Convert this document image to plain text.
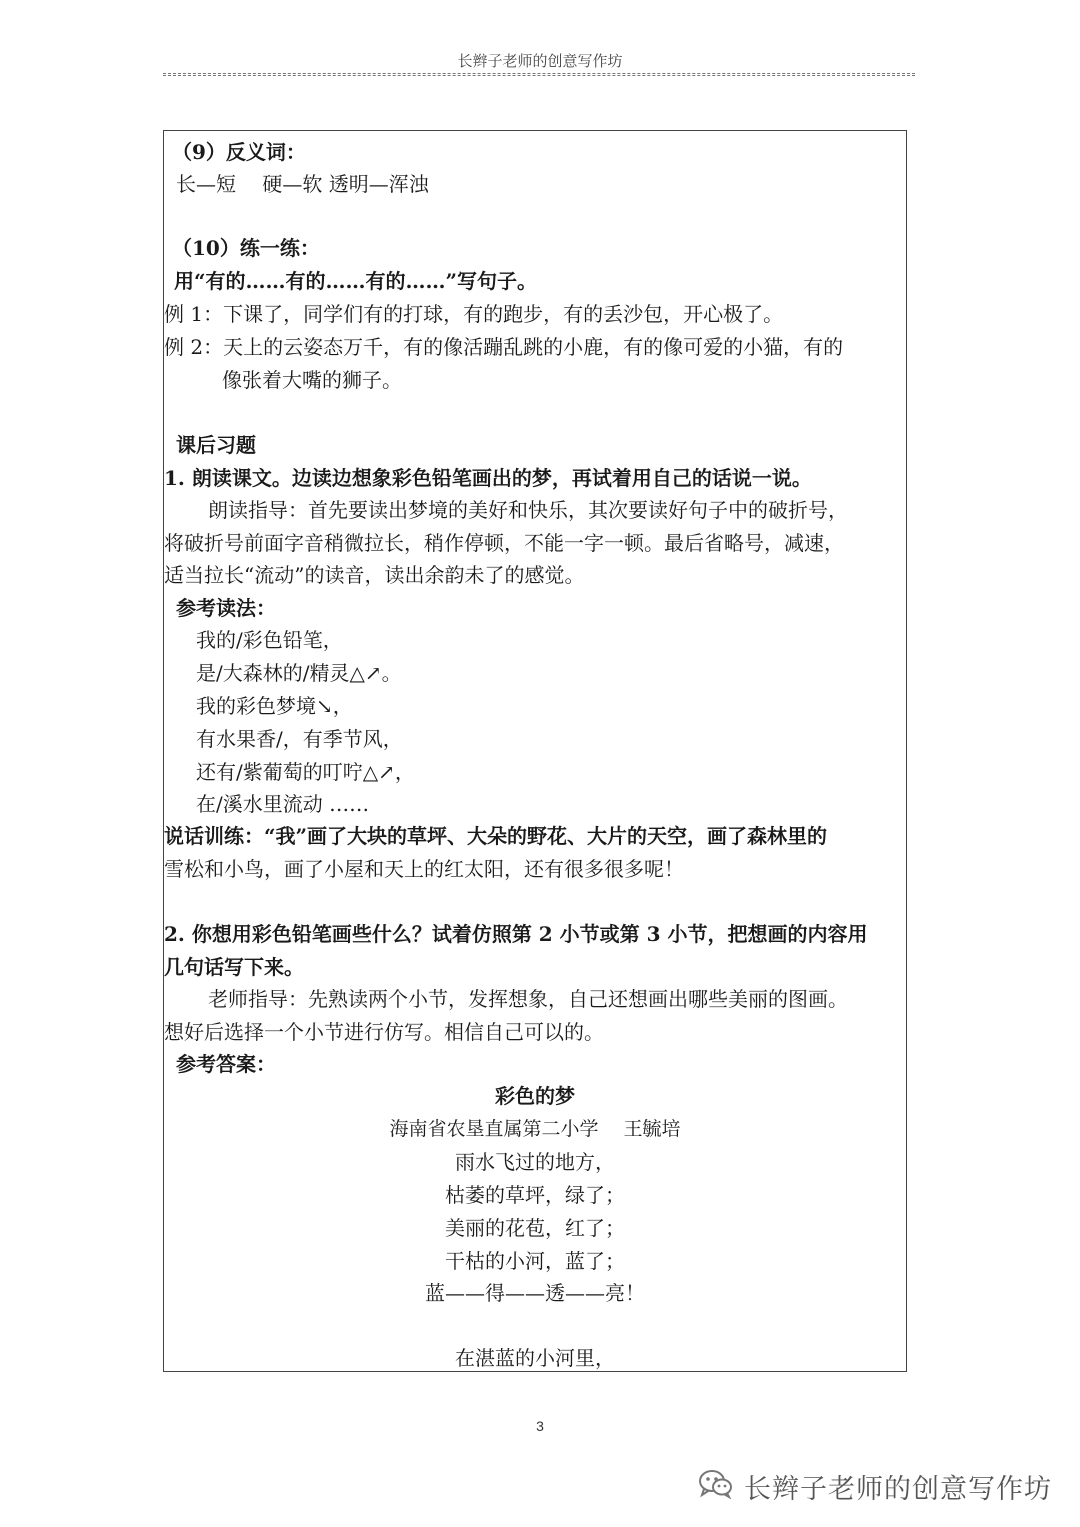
长辫子老师的创意写作坊
（9）反义词：
长—短　 硬—软 透明—浑浊
（10）练一练：
用“有的……有的……有的……”写句子。
例 1：下课了，同学们有的打球，有的跑步，有的丢沙包，开心极了。
例 2：天上的云姿态万千，有的像活蹦乱跳的小鹿，有的像可爱的小猫，有的
像张着大嘴的狮子。
课后习题
1. 朗读课文。边读边想象彩色铅笔画出的梦，再试着用自己的话说一说。
朗读指导：首先要读出梦境的美好和快乐，其次要读好句子中的破折号，
将破折号前面字音稍微拉长，稍作停顿，不能一字一顿。最后省略号，减速，
适当拉长“流动”的读音，读出余韵未了的感觉。
参考读法：
我的/彩色铅笔，
是/大森林的/精灵△↗。
我的彩色梦境↘，
有水果香/，有季节风，
还有/紫葡萄的叮咛△↗，
在/溪水里流动 ……
说话训练：“我”画了大块的草坪、大朵的野花、大片的天空，画了森林里的
雪松和小鸟，画了小屋和天上的红太阳，还有很多很多呢！
2. 你想用彩色铅笔画些什么？试着仿照第 2 小节或第 3 小节，把想画的内容用
几句话写下来。
老师指导：先熟读两个小节，发挥想象，自己还想画出哪些美丽的图画。
想好后选择一个小节进行仿写。相信自己可以的。
参考答案：
彩色的梦
海南省农垦直属第二小学　 王毓培
雨水飞过的地方，
枯萎的草坪，绿了；
美丽的花苞，红了；
干枯的小河，蓝了；
蓝——得——透——亮！
在湛蓝的小河里，
3
长辫子老师的创意写作坊
